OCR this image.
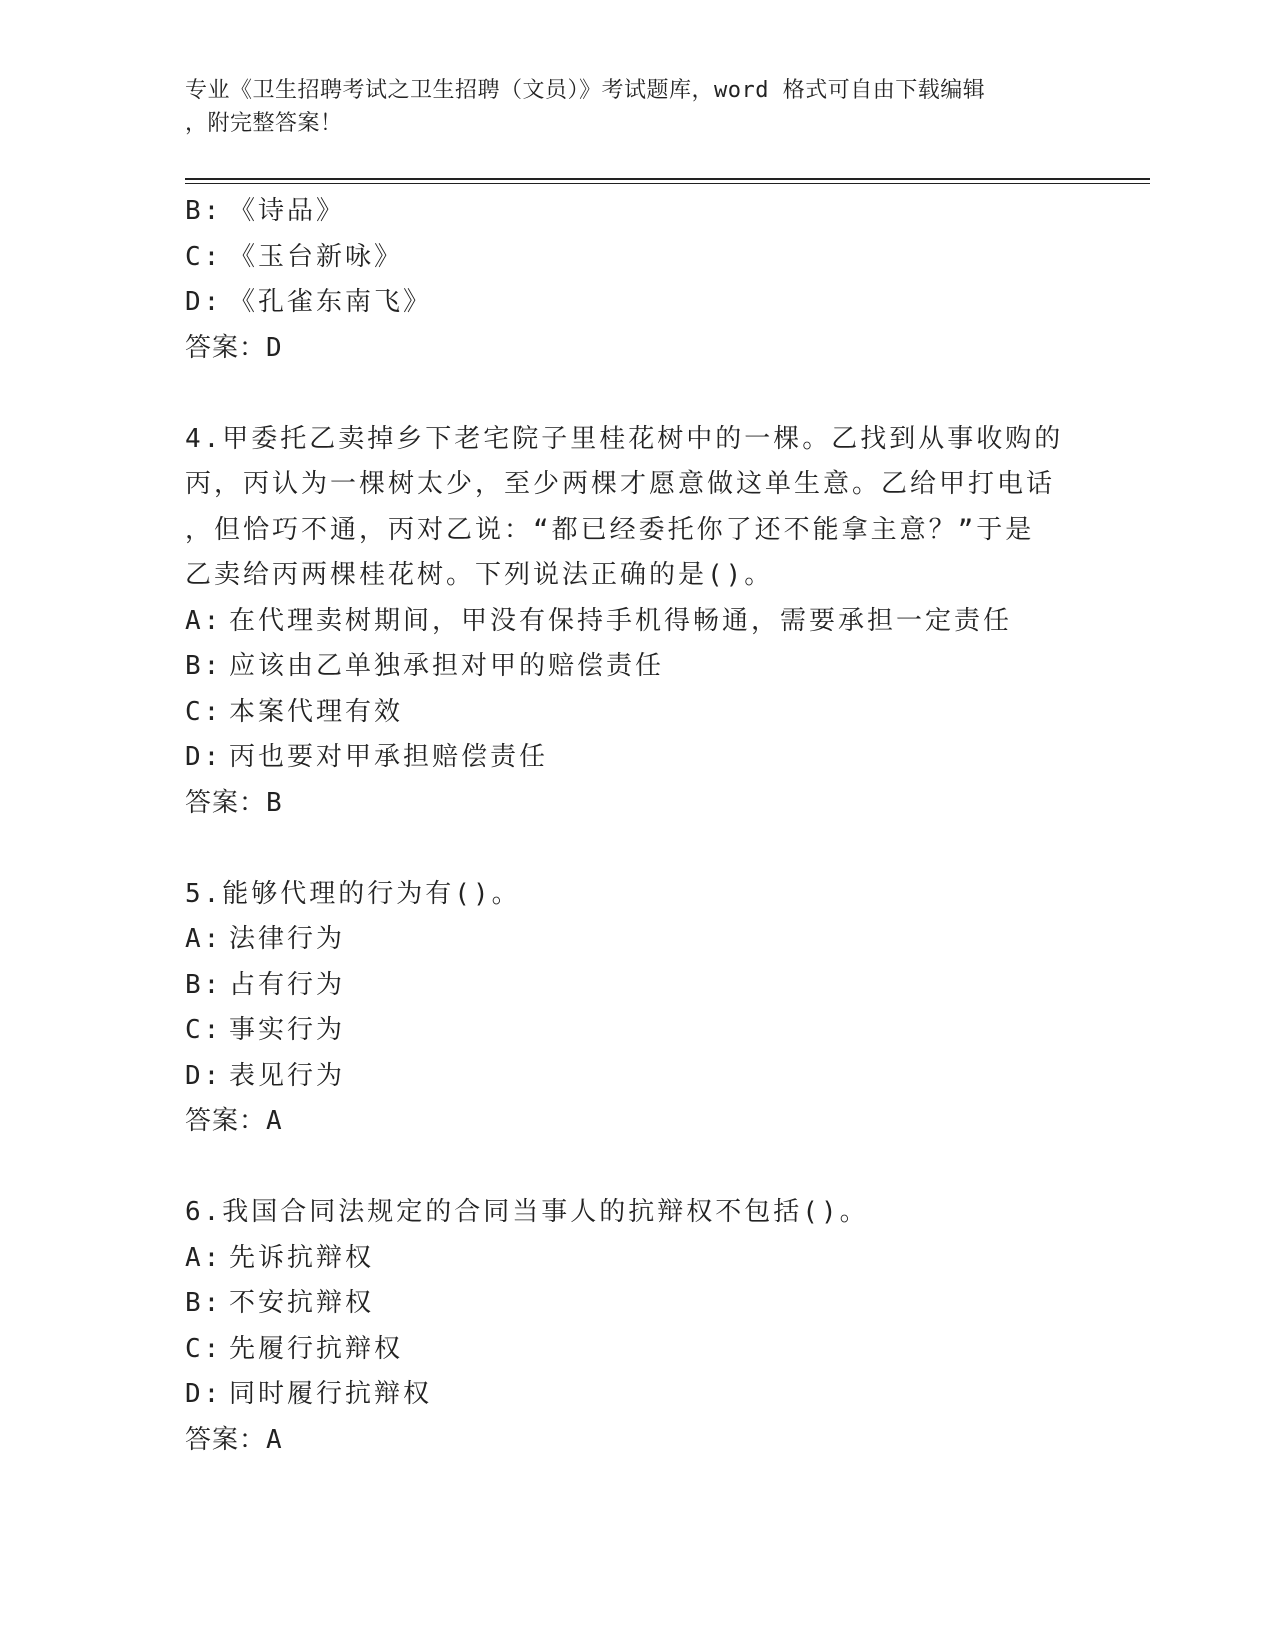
专业《卫生招聘考试之卫生招聘（文员）》考试题库，word 格式可自由下载编辑
，附完整答案！
B: 《诗品》
C: 《玉台新咏》
D: 《孔雀东南飞》
答案：D
4.甲委托乙卖掉乡下老宅院子里桂花树中的一棵。乙找到从事收购的
丙，丙认为一棵树太少，至少两棵才愿意做这单生意。乙给甲打电话
，但恰巧不通，丙对乙说：“都已经委托你了还不能拿主意？”于是
乙卖给丙两棵桂花树。下列说法正确的是()。
A: 在代理卖树期间，甲没有保持手机得畅通，需要承担一定责任
B: 应该由乙单独承担对甲的赔偿责任
C: 本案代理有效
D: 丙也要对甲承担赔偿责任
答案：B
5.能够代理的行为有()。
A: 法律行为
B: 占有行为
C: 事实行为
D: 表见行为
答案：A
6.我国合同法规定的合同当事人的抗辩权不包括()。
A: 先诉抗辩权
B: 不安抗辩权
C: 先履行抗辩权
D: 同时履行抗辩权
答案：A
